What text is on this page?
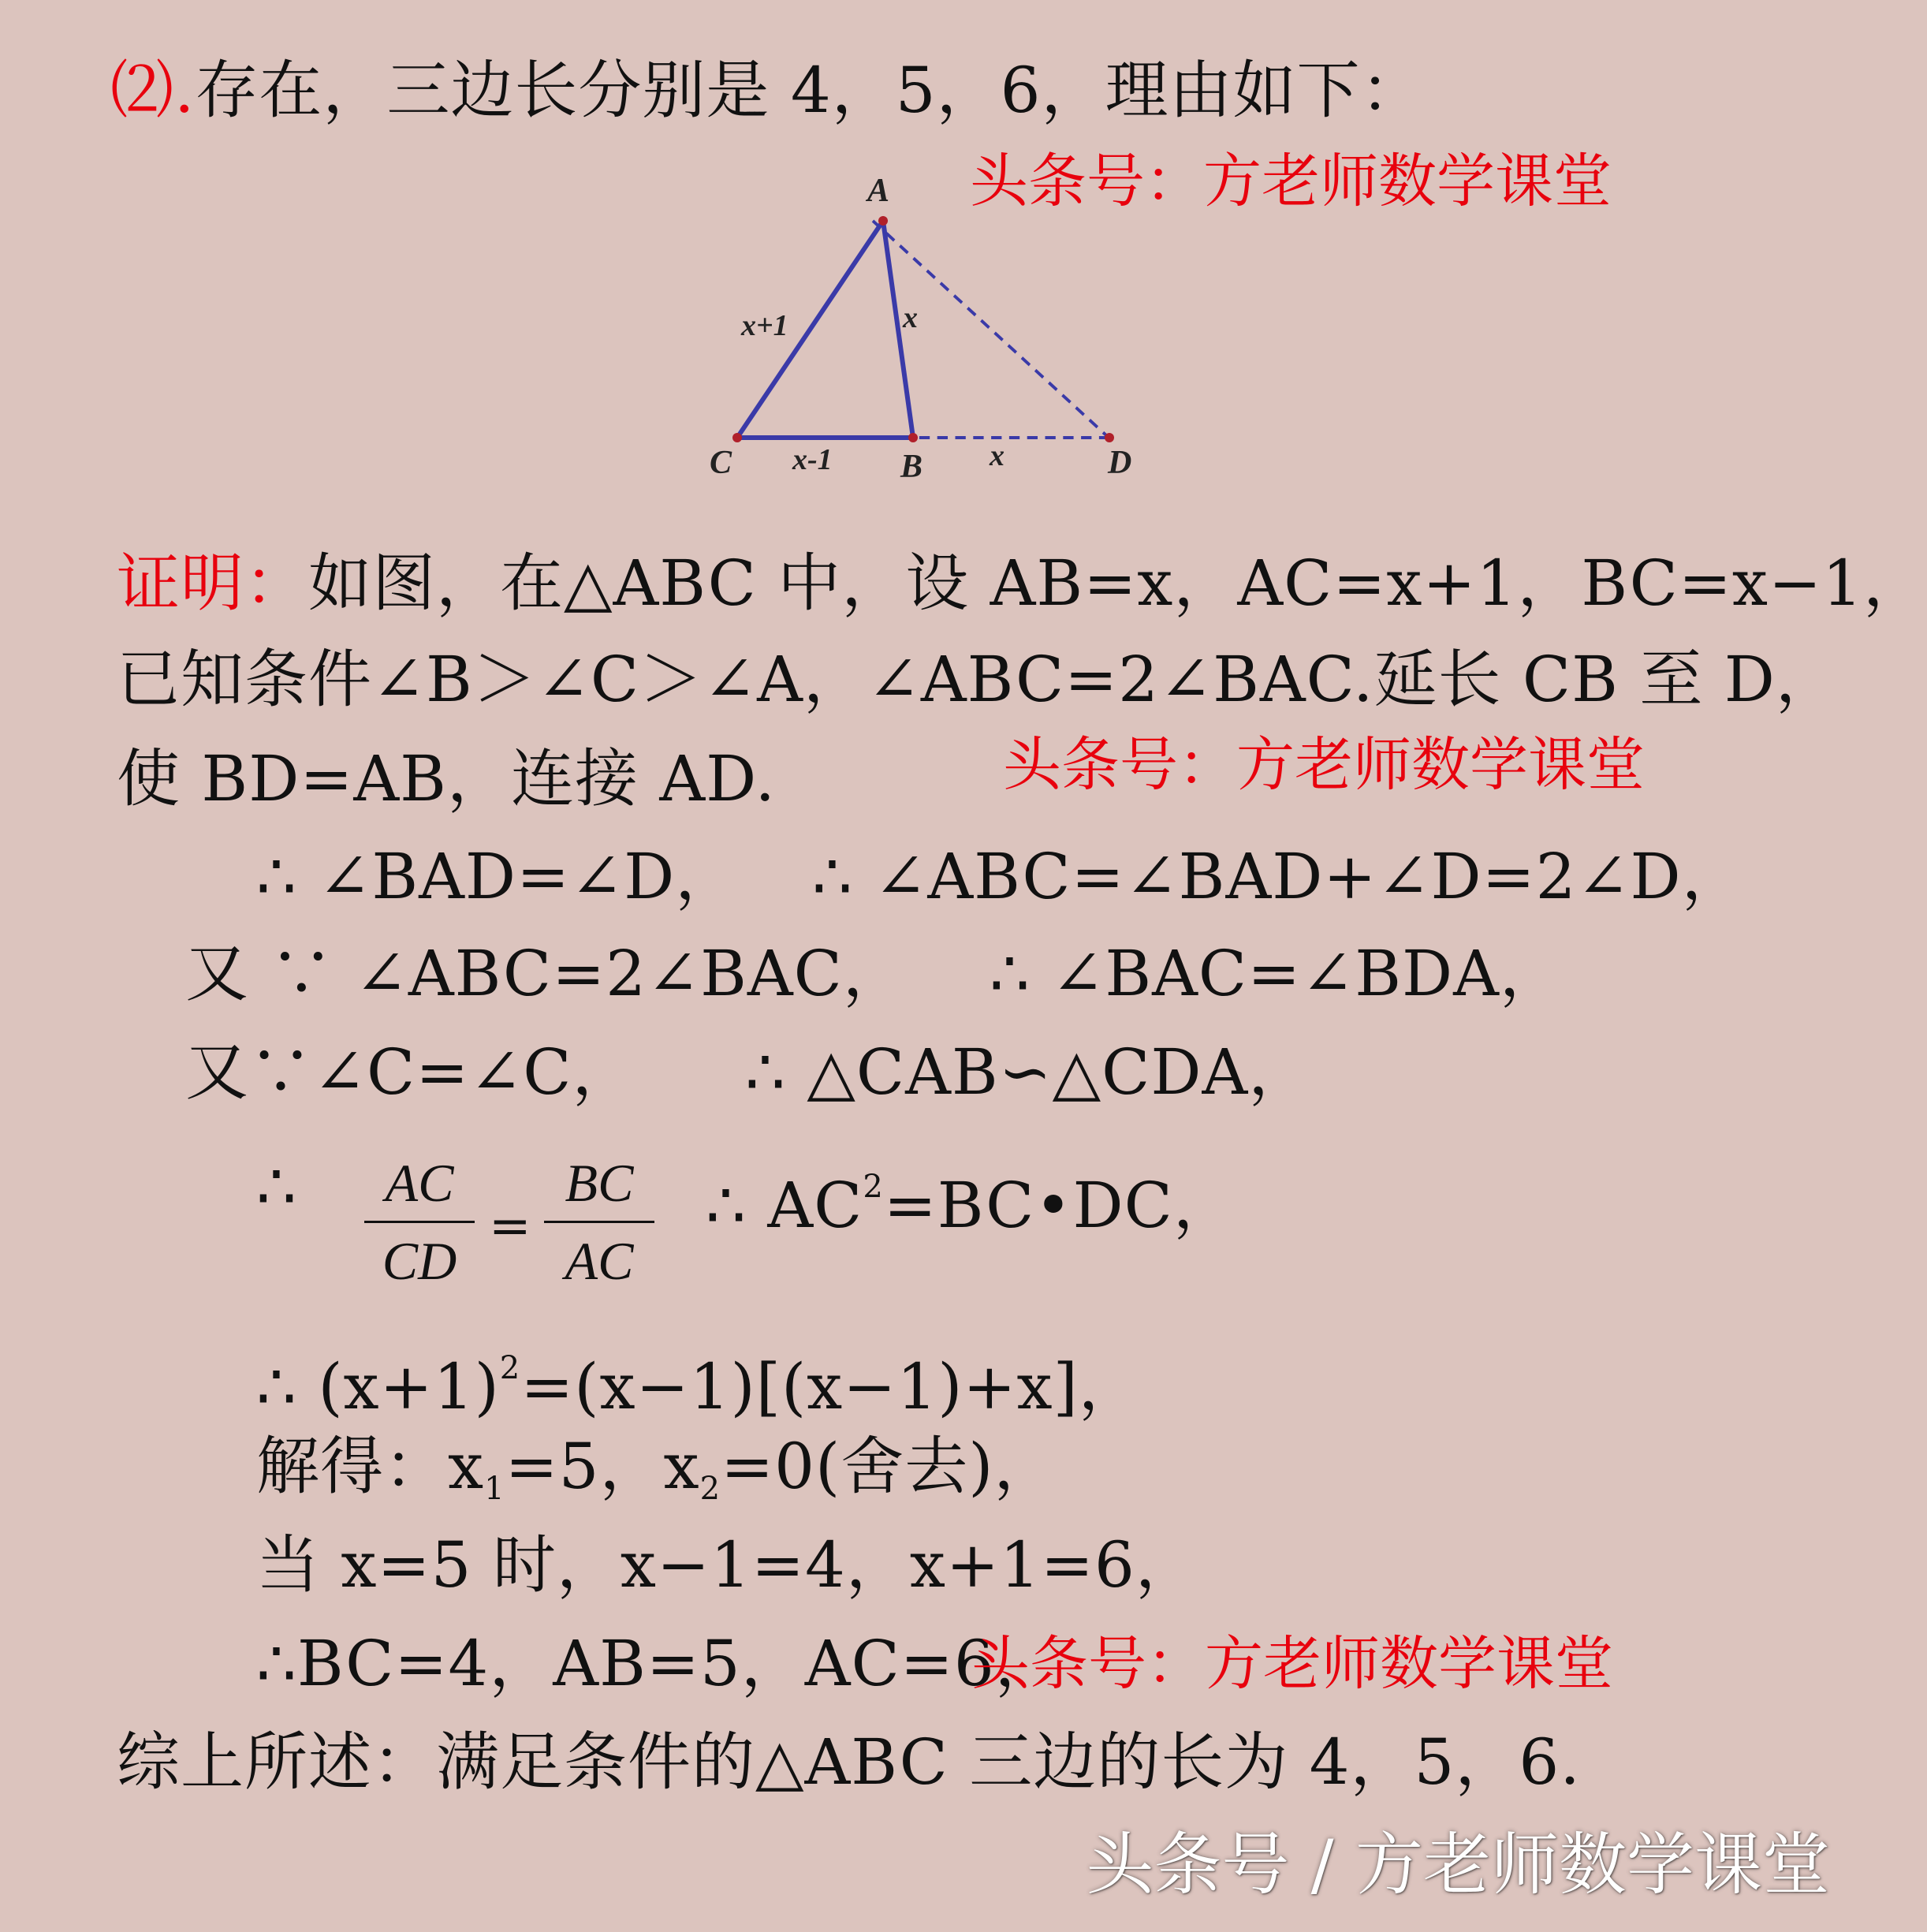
⑵.存在，三边长分别是 4，5，6，理由如下：
头条号：方老师数学课堂
A
C	B	D
x+1	x
x-1	x
证明：如图，在△ABC 中，设 AB=x，AC=x+1，BC=x−1，
已知条件∠B＞∠C＞∠A，∠ABC=2∠BAC.延长 CB 至 D，
使 BD=AB，连接 AD.	头条号：方老师数学课堂
∴ ∠BAD=∠D， ∴ ∠ABC=∠BAD+∠D=2∠D，
又 ∵ ∠ABC=2∠BAC， ∴ ∠BAC=∠BDA，
又∵∠C=∠C， ∴ △CAB∽△CDA，
∴	AC
CD
=
BC
AC
∴ $AC^2=BC•DC$，
∴ $(x+1)^2=(x-1)[(x-1)+x]$，
解得：$x_1=5$，$x_2=0$(舍去)，
当 x=5 时，x−1=4，x+1=6，
∴BC=4，AB=5，AC=6，
头条号：方老师数学课堂
综上所述：满足条件的△ABC 三边的长为 4，5，6.
头条号 / 方老师数学课堂
